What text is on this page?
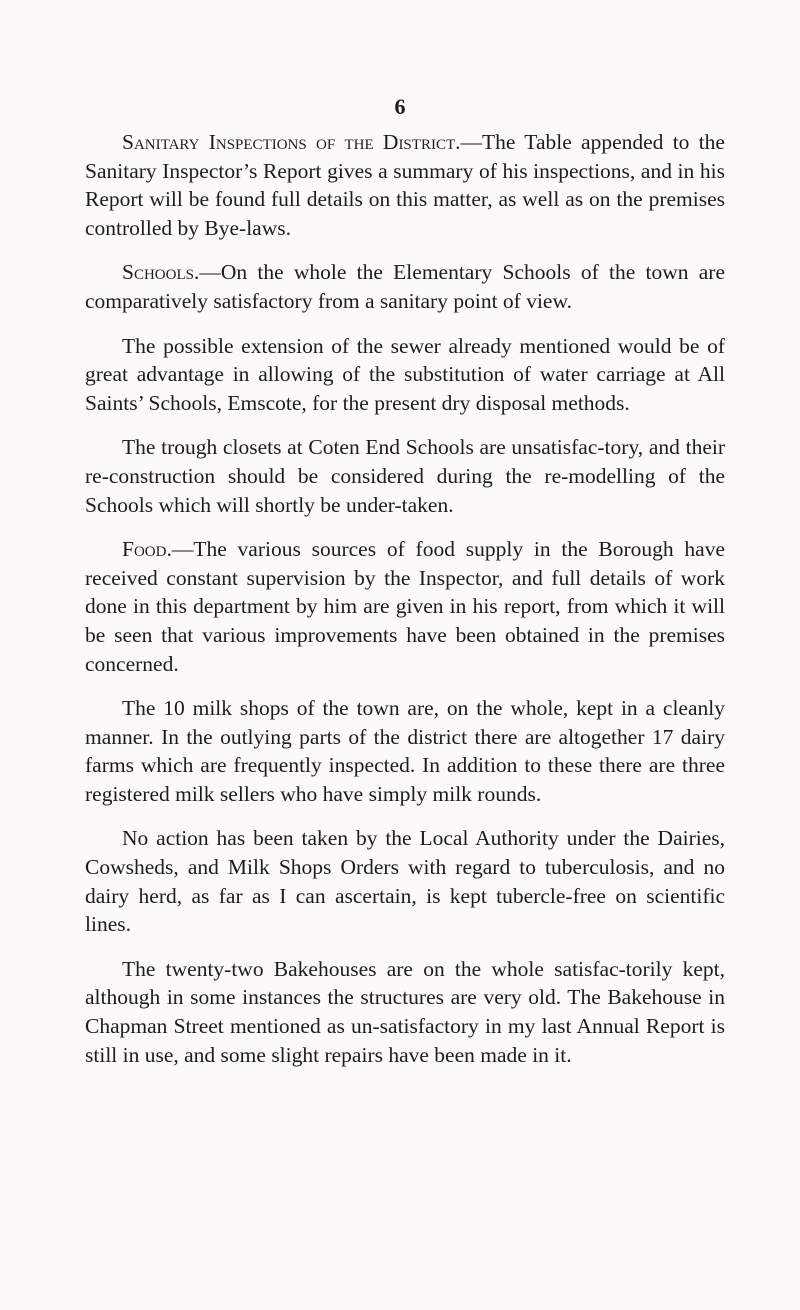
6

Sanitary Inspections of the District.—The Table appended to the Sanitary Inspector’s Report gives a summary of his inspections, and in his Report will be found full details on this matter, as well as on the premises controlled by Bye-laws.

Schools.—On the whole the Elementary Schools of the town are comparatively satisfactory from a sanitary point of view.

The possible extension of the sewer already mentioned would be of great advantage in allowing of the substitution of water carriage at All Saints’ Schools, Emscote, for the present dry disposal methods.

The trough closets at Coten End Schools are unsatisfac-tory, and their re-construction should be considered during the re-modelling of the Schools which will shortly be under-taken.

Food.—The various sources of food supply in the Borough have received constant supervision by the Inspector, and full details of work done in this department by him are given in his report, from which it will be seen that various improvements have been obtained in the premises concerned.

The 10 milk shops of the town are, on the whole, kept in a cleanly manner. In the outlying parts of the district there are altogether 17 dairy farms which are frequently inspected. In addition to these there are three registered milk sellers who have simply milk rounds.

No action has been taken by the Local Authority under the Dairies, Cowsheds, and Milk Shops Orders with regard to tuberculosis, and no dairy herd, as far as I can ascertain, is kept tubercle-free on scientific lines.

The twenty-two Bakehouses are on the whole satisfac-torily kept, although in some instances the structures are very old. The Bakehouse in Chapman Street mentioned as un-satisfactory in my last Annual Report is still in use, and some slight repairs have been made in it.
